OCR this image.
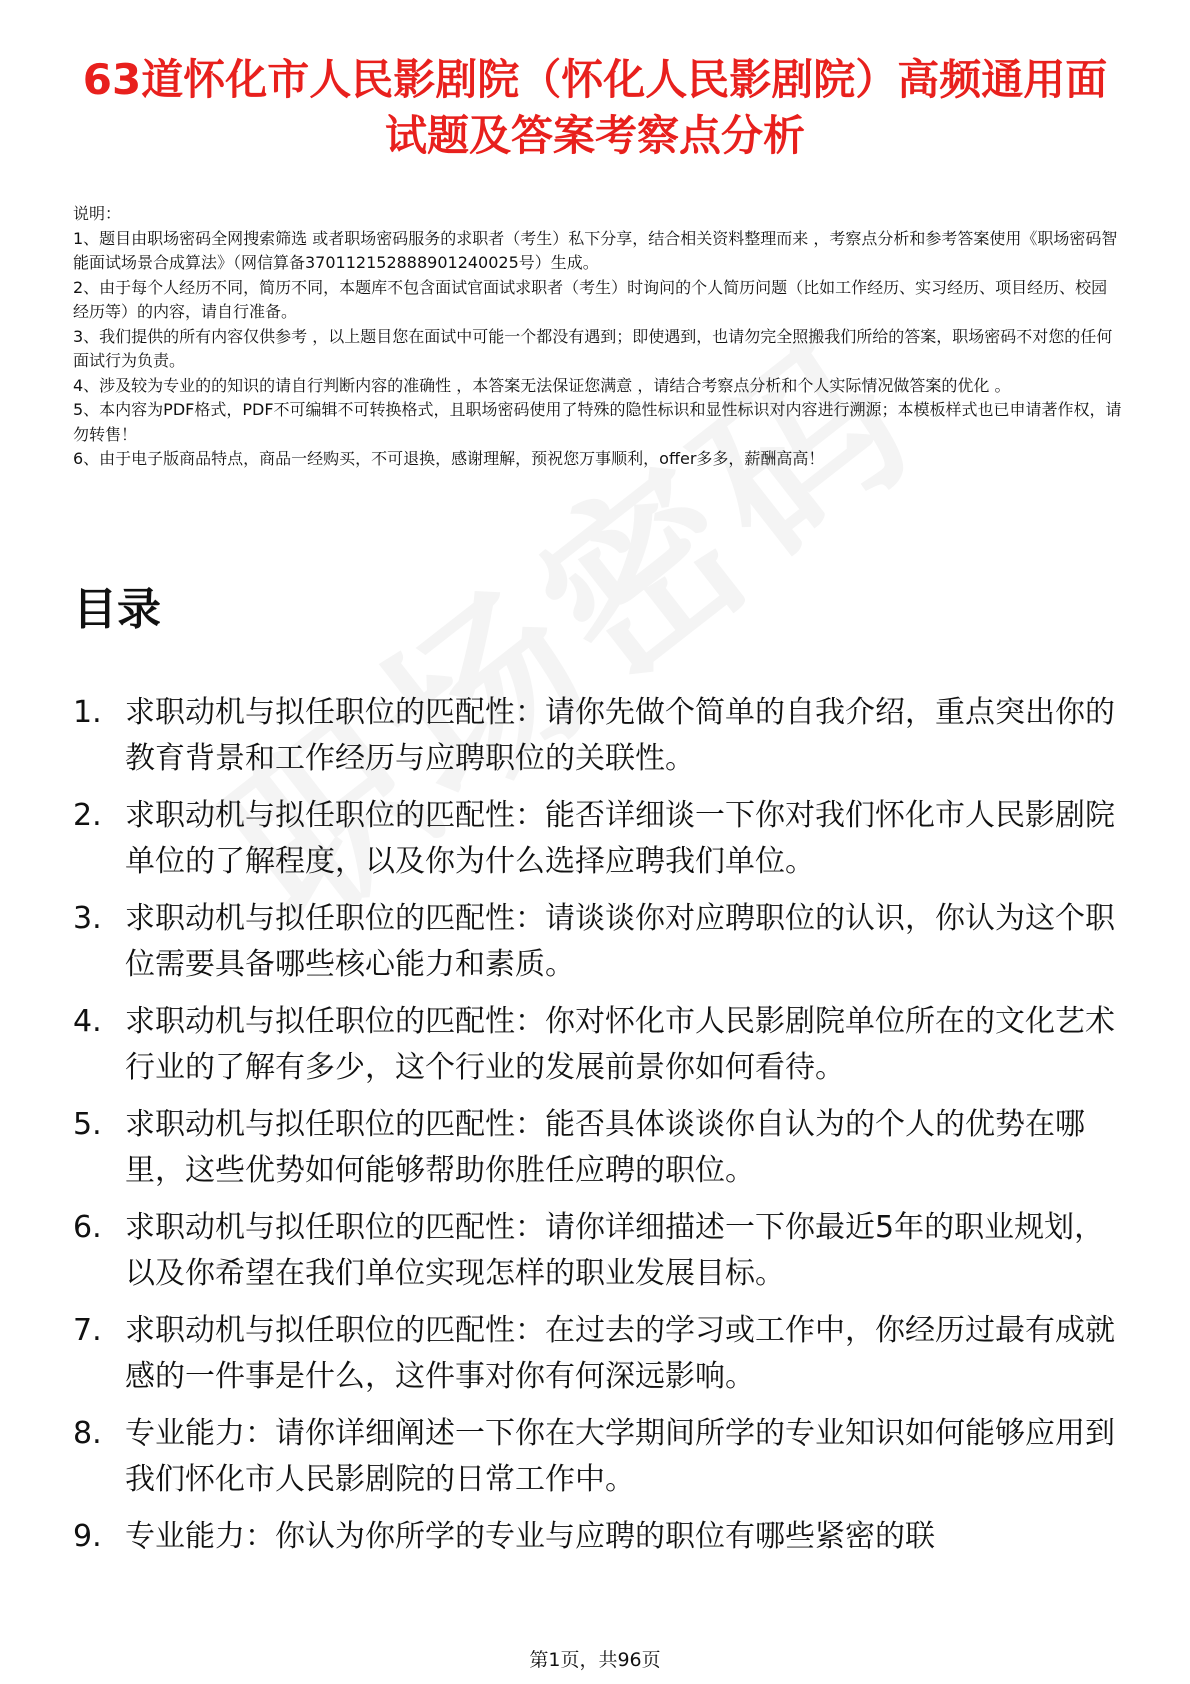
63道怀化市人民影剧院（怀化人民影剧院）高频通用面试题及答案考察点分析
说明：
1、题目由职场密码全网搜索筛选 或者职场密码服务的求职者（考生）私下分享，结合相关资料整理而来 ，考察点分析和参考答案使用《职场密码智能面试场景合成算法》（网信算备370112152888901240025号）生成。
2、由于每个人经历不同，简历不同，本题库不包含面试官面试求职者（考生）时询问的个人简历问题（比如工作经历、实习经历、项目经历、校园经历等）的内容，请自行准备。
3、我们提供的所有内容仅供参考 ，以上题目您在面试中可能一个都没有遇到；即使遇到，也请勿完全照搬我们所给的答案，职场密码不对您的任何面试行为负责。
4、涉及较为专业的的知识的请自行判断内容的准确性 ，本答案无法保证您满意 ，请结合考察点分析和个人实际情况做答案的优化 。
5、本内容为PDF格式，PDF不可编辑不可转换格式，且职场密码使用了特殊的隐性标识和显性标识对内容进行溯源；本模板样式也已申请著作权，请勿转售！
6、由于电子版商品特点，商品一经购买，不可退换，感谢理解，预祝您万事顺利，offer多多，薪酬高高！
目录
1. 求职动机与拟任职位的匹配性：请你先做个简单的自我介绍，重点突出你的教育背景和工作经历与应聘职位的关联性。
2. 求职动机与拟任职位的匹配性：能否详细谈一下你对我们怀化市人民影剧院单位的了解程度，以及你为什么选择应聘我们单位。
3. 求职动机与拟任职位的匹配性：请谈谈你对应聘职位的认识，你认为这个职位需要具备哪些核心能力和素质。
4. 求职动机与拟任职位的匹配性：你对怀化市人民影剧院单位所在的文化艺术行业的了解有多少，这个行业的发展前景你如何看待。
5. 求职动机与拟任职位的匹配性：能否具体谈谈你自认为的个人的优势在哪里，这些优势如何能够帮助你胜任应聘的职位。
6. 求职动机与拟任职位的匹配性：请你详细描述一下你最近5年的职业规划，以及你希望在我们单位实现怎样的职业发展目标。
7. 求职动机与拟任职位的匹配性：在过去的学习或工作中，你经历过最有成就感的一件事是什么，这件事对你有何深远影响。
8. 专业能力：请你详细阐述一下你在大学期间所学的专业知识如何能够应用到我们怀化市人民影剧院的日常工作中。
9. 专业能力：你认为你所学的专业与应聘的职位有哪些紧密的联
第1页，共96页
